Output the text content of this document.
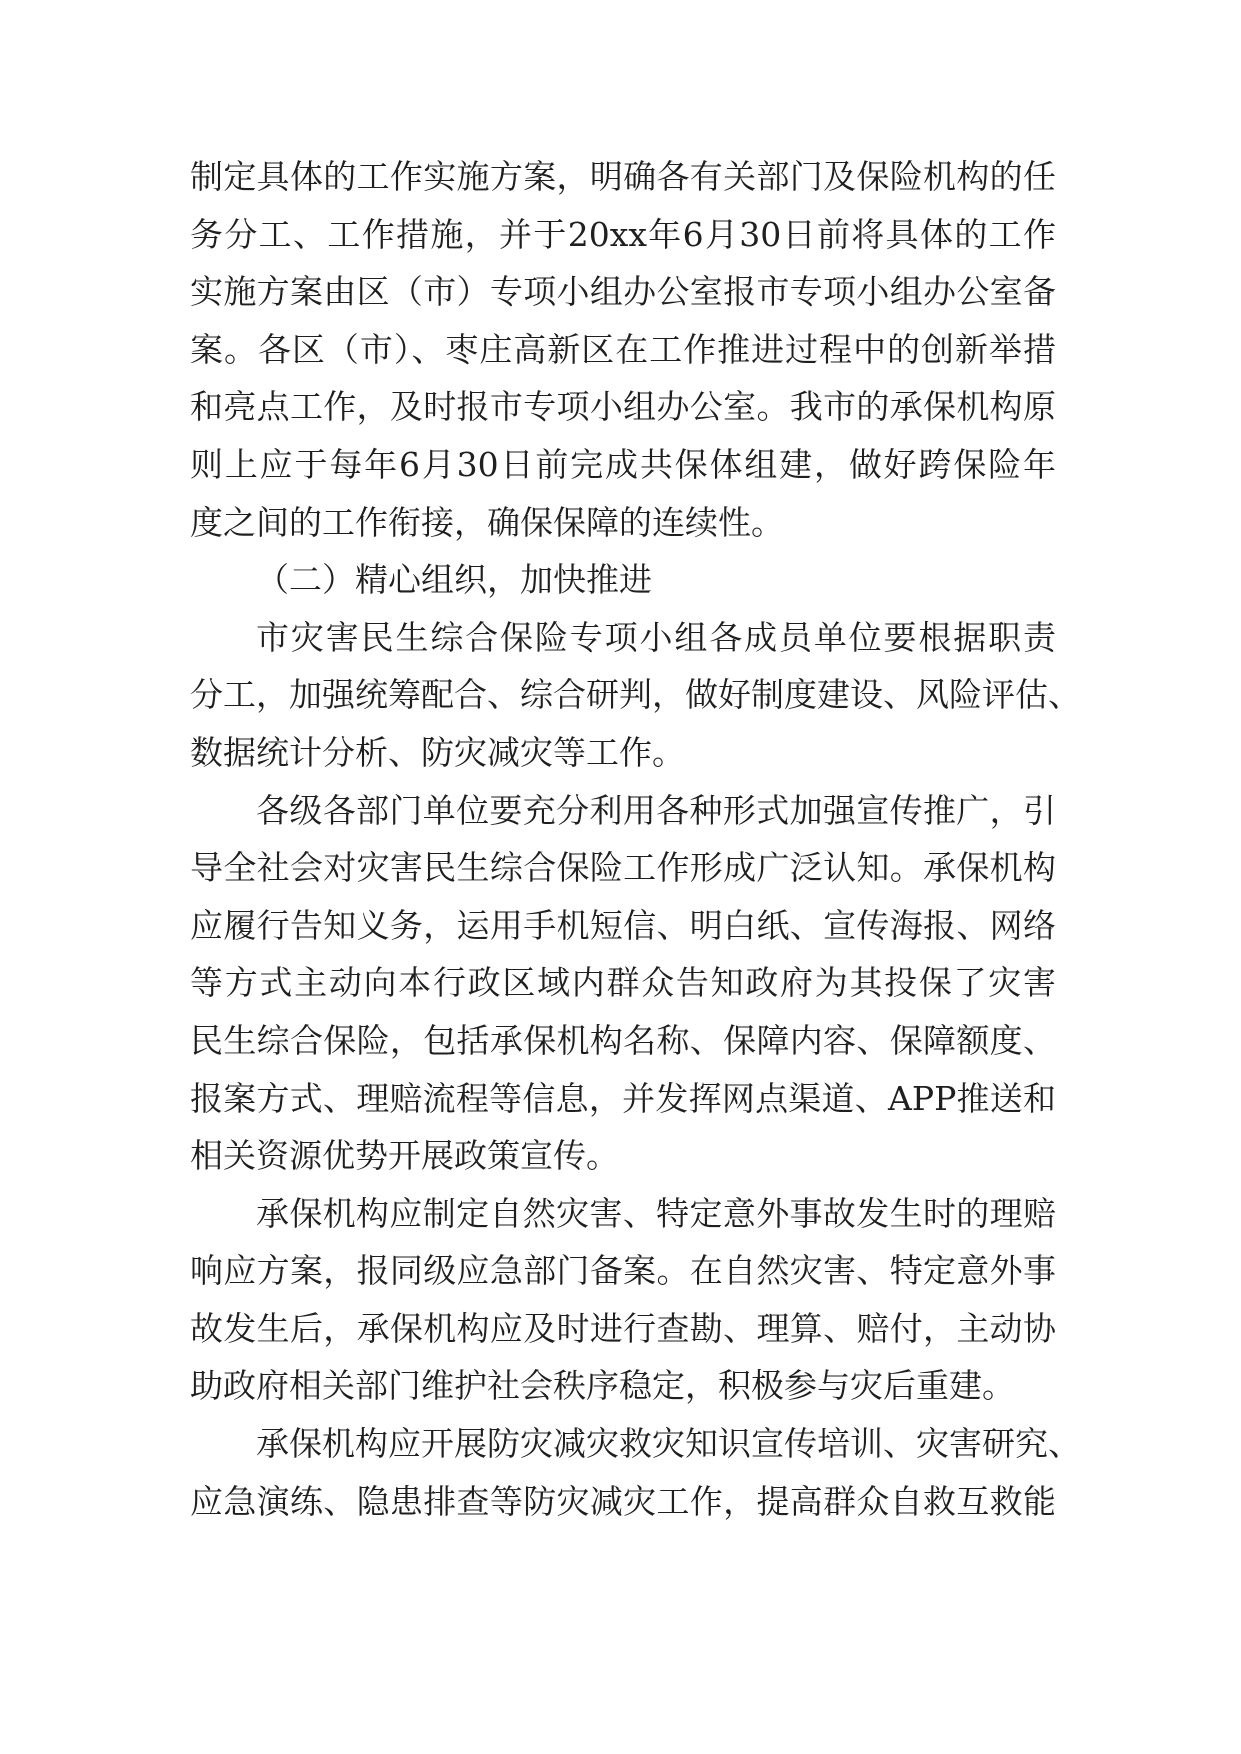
制定具体的工作实施方案，明确各有关部门及保险机构的任
务分工、工作措施，并于20xx年6月30日前将具体的工作
实施方案由区（市）专项小组办公室报市专项小组办公室备
案。各区（市）、枣庄高新区在工作推进过程中的创新举措
和亮点工作，及时报市专项小组办公室。我市的承保机构原
则上应于每年6月30日前完成共保体组建，做好跨保险年
度之间的工作衔接，确保保障的连续性。
（二）精心组织，加快推进
市灾害民生综合保险专项小组各成员单位要根据职责
分工，加强统筹配合、综合研判，做好制度建设、风险评估、
数据统计分析、防灾减灾等工作。
各级各部门单位要充分利用各种形式加强宣传推广，引
导全社会对灾害民生综合保险工作形成广泛认知。承保机构
应履行告知义务，运用手机短信、明白纸、宣传海报、网络
等方式主动向本行政区域内群众告知政府为其投保了灾害
民生综合保险，包括承保机构名称、保障内容、保障额度、
报案方式、理赔流程等信息，并发挥网点渠道、APP推送和
相关资源优势开展政策宣传。
承保机构应制定自然灾害、特定意外事故发生时的理赔
响应方案，报同级应急部门备案。在自然灾害、特定意外事
故发生后，承保机构应及时进行查勘、理算、赔付，主动协
助政府相关部门维护社会秩序稳定，积极参与灾后重建。
承保机构应开展防灾减灾救灾知识宣传培训、灾害研究、
应急演练、隐患排查等防灾减灾工作，提高群众自救互救能
